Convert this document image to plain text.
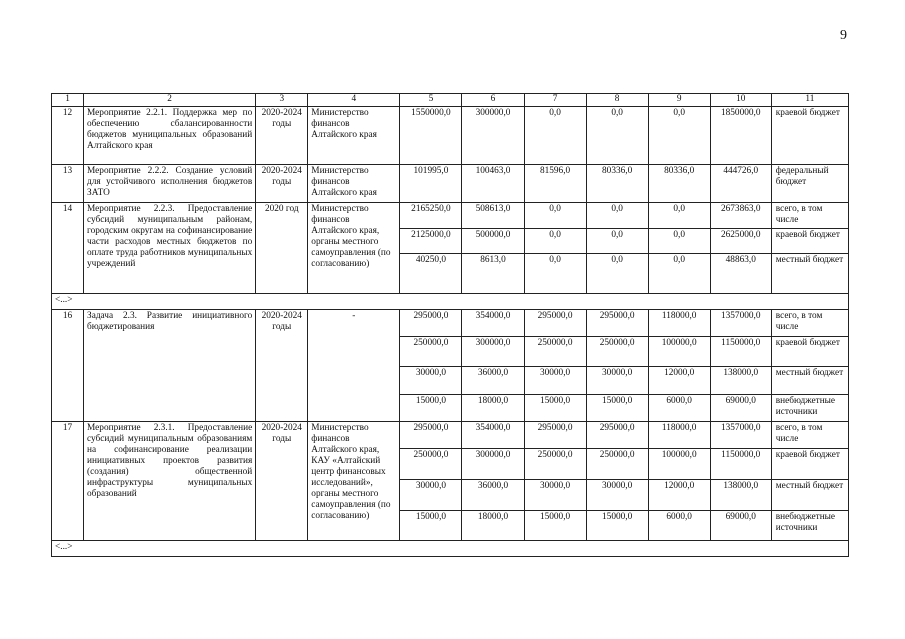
9
1	2	3	4	5	6	7	8	9	10	11
12	Мероприятие 2.2.1. Поддержка мер по обеспечению сбалансированности бюджетов муниципальных образований Алтайского края	2020-2024 годы	Министерство финансов Алтайского края	1550000,0	300000,0	0,0	0,0	0,0	1850000,0	краевой бюджет
13	Мероприятие 2.2.2. Создание условий для устойчивого исполнения бюджетов ЗАТО	2020-2024 годы	Министерство финансов Алтайского края	101995,0	100463,0	81596,0	80336,0	80336,0	444726,0	федеральный бюджет
14	Мероприятие 2.2.3. Предоставление субсидий муниципальным районам, городским округам на софинансирование части расходов местных бюджетов по оплате труда работников муниципальных учреждений	2020 год	Министерство финансов Алтайского края, органы местного самоуправления (по согласованию)	2165250,0	508613,0	0,0	0,0	0,0	2673863,0	всего, в том числе
				2125000,0	500000,0	0,0	0,0	0,0	2625000,0	краевой бюджет
				40250,0	8613,0	0,0	0,0	0,0	48863,0	местный бюджет
<...>										
16	Задача 2.3. Развитие инициативного бюджетирования	2020-2024 годы	-	295000,0	354000,0	295000,0	295000,0	118000,0	1357000,0	всего, в том числе
				250000,0	300000,0	250000,0	250000,0	100000,0	1150000,0	краевой бюджет
				30000,0	36000,0	30000,0	30000,0	12000,0	138000,0	местный бюджет
				15000,0	18000,0	15000,0	15000,0	6000,0	69000,0	внебюджетные источники
17	Мероприятие 2.3.1. Предоставление субсидий муниципальным образованиям на софинансирование реализации инициативных проектов развития (создания) общественной инфраструктуры муниципальных образований	2020-2024 годы	Министерство финансов Алтайского края, КАУ «Алтайский центр финансовых исследований», органы местного самоуправления (по согласованию)	295000,0	354000,0	295000,0	295000,0	118000,0	1357000,0	всего, в том числе
				250000,0	300000,0	250000,0	250000,0	100000,0	1150000,0	краевой бюджет
				30000,0	36000,0	30000,0	30000,0	12000,0	138000,0	местный бюджет
				15000,0	18000,0	15000,0	15000,0	6000,0	69000,0	внебюджетные источники
<...>										
